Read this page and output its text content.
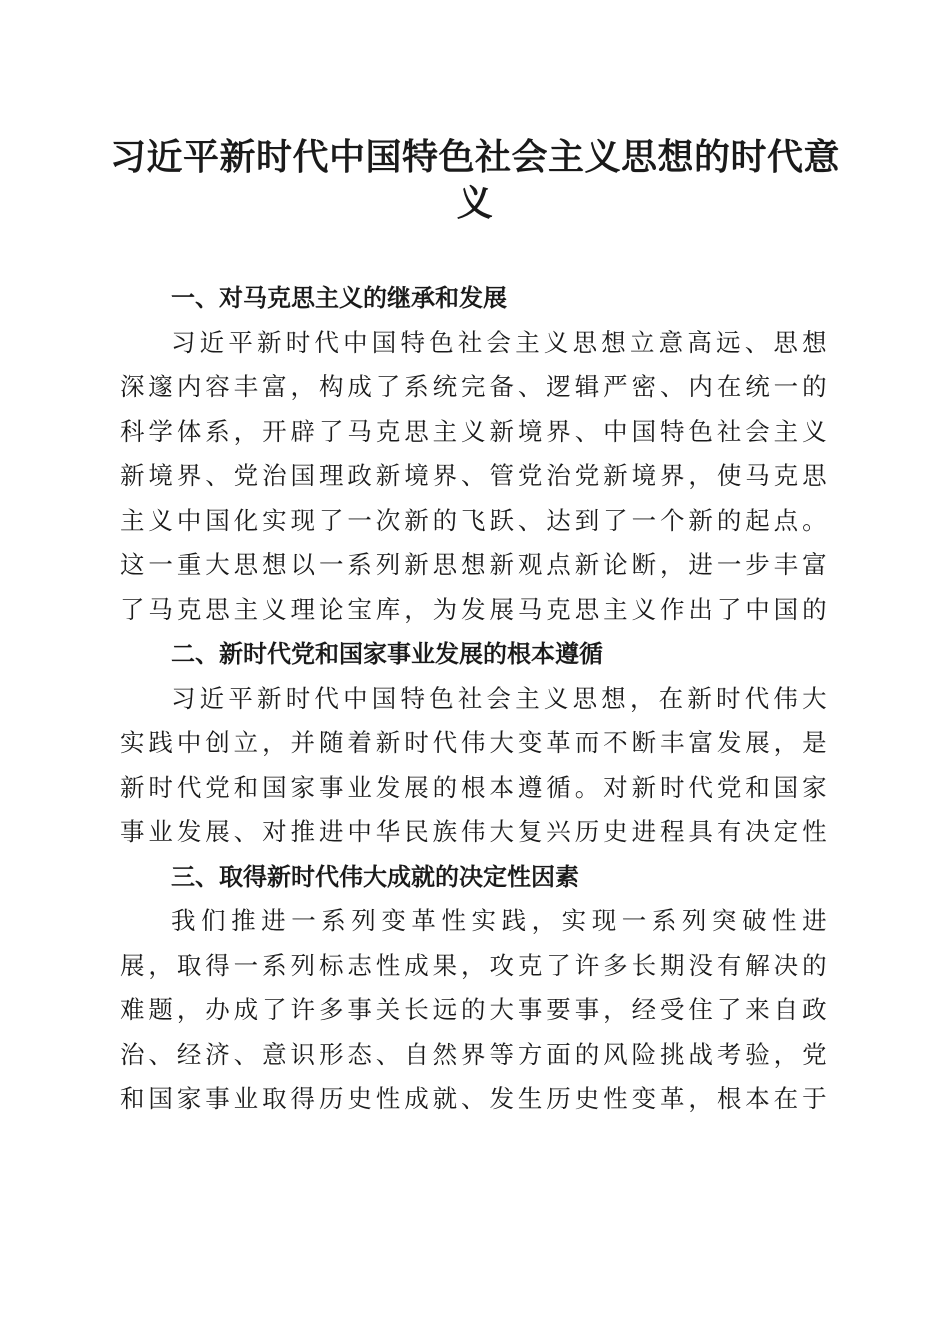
习近平新时代中国特色社会主义思想的时代意义
一、对马克思主义的继承和发展

习近平新时代中国特色社会主义思想立意高远、思想深邃内容丰富，构成了系统完备、逻辑严密、内在统一的科学体系，开辟了马克思主义新境界、中国特色社会主义新境界、党治国理政新境界、管党治党新境界，使马克思主义中国化实现了一次新的飞跃、达到了一个新的起点。这一重大思想以一系列新思想新观点新论断，进一步丰富了马克思主义理论宝库，为发展马克思主义作出了中国的

二、新时代党和国家事业发展的根本遵循

习近平新时代中国特色社会主义思想，在新时代伟大实践中创立，并随着新时代伟大变革而不断丰富发展，是新时代党和国家事业发展的根本遵循。对新时代党和国家事业发展、对推进中华民族伟大复兴历史进程具有决定性

三、取得新时代伟大成就的决定性因素

我们推进一系列变革性实践，实现一系列突破性进展，取得一系列标志性成果，攻克了许多长期没有解决的难题，办成了许多事关长远的大事要事，经受住了来自政治、经济、意识形态、自然界等方面的风险挑战考验，党和国家事业取得历史性成就、发生历史性变革，根本在于
